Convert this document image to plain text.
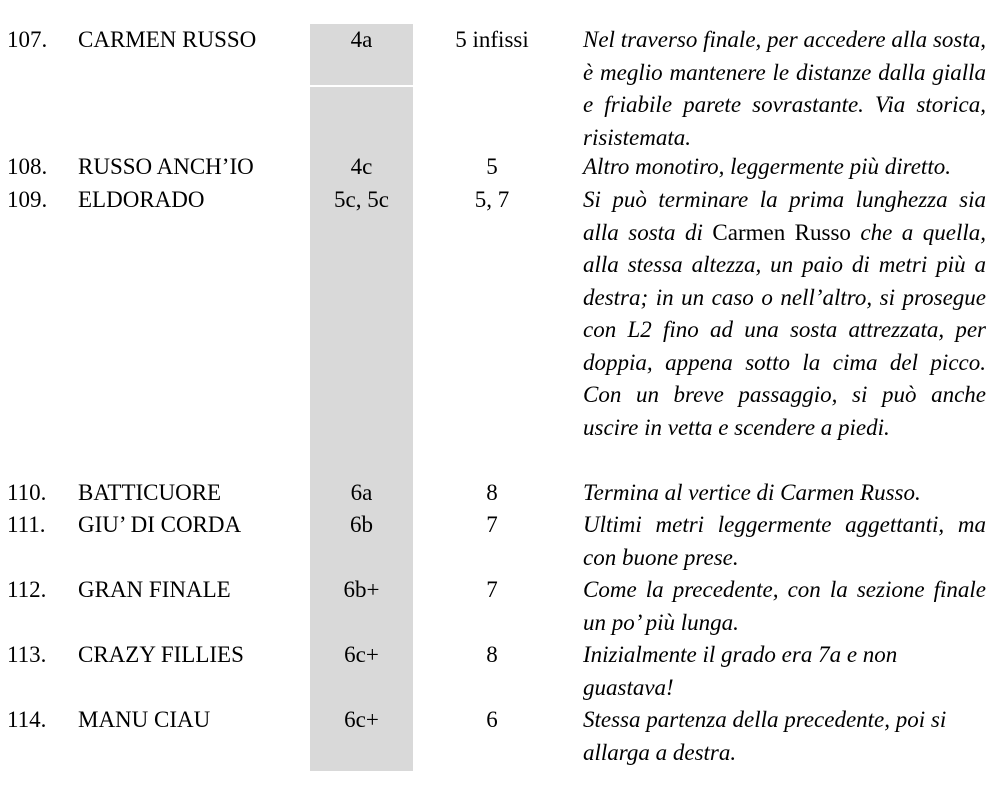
107. CARMEN RUSSO	4a	5 infissi	Nel traverso finale, per accedere alla sosta, è meglio mantenere le distanze dalla gialla e friabile parete sovrastante. Via storica, risistemata.
108. RUSSO ANCH’IO	4c	5	Altro monotiro, leggermente più diretto.
109. ELDORADO	5c, 5c	5, 7	Si può terminare la prima lunghezza sia alla sosta di Carmen Russo che a quella, alla stessa altezza, un paio di metri più a destra; in un caso o nell’altro, si prosegue con L2 fino ad una sosta attrezzata, per doppia, appena sotto la cima del picco. Con un breve passaggio, si può anche uscire in vetta e scendere a piedi.
110. BATTICUORE	6a	8	Termina al vertice di Carmen Russo.
111. GIU’ DI CORDA	6b	7	Ultimi metri leggermente aggettanti, ma con buone prese.
112. GRAN FINALE	6b+	7	Come la precedente, con la sezione finale un po’ più lunga.
113. CRAZY FILLIES	6c+	8	Inizialmente il grado era 7a e non guastava!
114. MANU CIAU	6c+	6	Stessa partenza della precedente, poi si allarga a destra.
